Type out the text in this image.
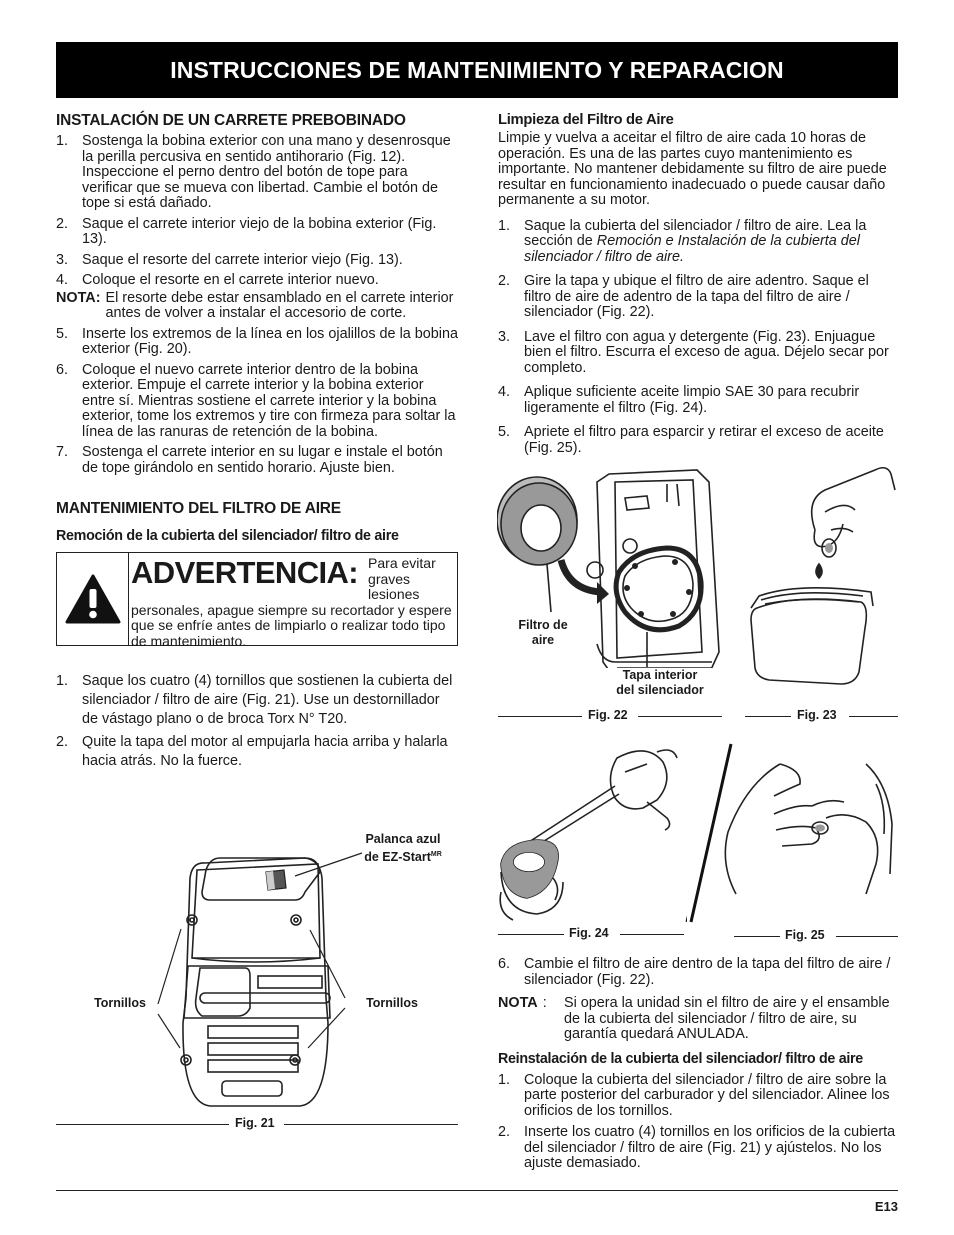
INSTRUCCIONES DE MANTENIMIENTO Y REPARACION
INSTALACIÓN DE UN CARRETE PREBOBINADO
1. Sostenga la bobina exterior con una mano y desenrosque la perilla percusiva en sentido antihorario (Fig. 12). Inspeccione el perno dentro del botón de tope para verificar que se mueva con libertad. Cambie el botón de tope si está dañado.
2. Saque el carrete interior viejo de la bobina exterior (Fig. 13).
3. Saque el resorte del carrete interior viejo (Fig. 13).
4. Coloque el resorte en el carrete interior nuevo.
NOTA: El resorte debe estar ensamblado en el carrete interior antes de volver a instalar el accesorio de corte.
5. Inserte los extremos de la línea en los ojalillos de la bobina exterior (Fig. 20).
6. Coloque el nuevo carrete interior dentro de la bobina exterior. Empuje el carrete interior y la bobina exterior entre sí. Mientras sostiene el carrete interior y la bobina exterior, tome los extremos y tire con firmeza para soltar la línea de las ranuras de retención de la bobina.
7. Sostenga el carrete interior en su lugar e instale el botón de tope girándolo en sentido horario. Ajuste bien.
MANTENIMIENTO DEL FILTRO DE AIRE
Remoción de la cubierta del silenciador/ filtro de aire
ADVERTENCIA: Para evitar graves lesiones personales, apague siempre su recortador y espere que se enfríe antes de limpiarlo o realizar todo tipo de mantenimiento.

1. Saque los cuatro (4) tornillos que sostienen la cubierta del silenciador / filtro de aire (Fig. 21). Use un destornillador de vástago plano o de broca Torx N° T20.
2. Quite la tapa del motor al empujarla hacia arriba y halarla hacia atrás. No la fuerce.
Palanca azul
de EZ-Start$^{MR}$
Tornillos	Tornillos
Fig. 21
Limpieza del Filtro de Aire

Limpie y vuelva a aceitar el filtro de aire cada 10 horas de operación. Es una de las partes cuyo mantenimiento es importante. No mantener debidamente su filtro de aire puede resultar en funcionamiento inadecuado o puede causar daño permanente a su motor.

1. Saque la cubierta del silenciador / filtro de aire. Lea la sección de Remoción e Instalación de la cubierta del silenciador / filtro de aire.
2. Gire la tapa y ubique el filtro de aire adentro. Saque el filtro de aire de adentro de la tapa del filtro de aire / silenciador (Fig. 22).
3. Lave el filtro con agua y detergente (Fig. 23). Enjuague bien el filtro. Escurra el exceso de agua. Déjelo secar por completo.
4. Aplique suficiente aceite limpio SAE 30 para recubrir ligeramente el filtro (Fig. 24).
5. Apriete el filtro para esparcir y retirar el exceso de aceite (Fig. 25).
Filtro de
aire
Tapa interior
del silenciador
Fig. 22	Fig. 23
Fig. 24	Fig. 25
6. Cambie el filtro de aire dentro de la tapa del filtro de aire / silenciador (Fig. 22).
NOTA :	Si opera la unidad sin el filtro de aire y el ensamble de la cubierta del silenciador / filtro de aire, su garantía quedará ANULADA.
Reinstalación de la cubierta del silenciador/ filtro de aire
1. Coloque la cubierta del silenciador / filtro de aire sobre la parte posterior del carburador y del silenciador. Alinee los orificios de los tornillos.
2. Inserte los cuatro (4) tornillos en los orificios de la cubierta del silenciador / filtro de aire (Fig. 21) y ajústelos. No los ajuste demasiado.
E13
